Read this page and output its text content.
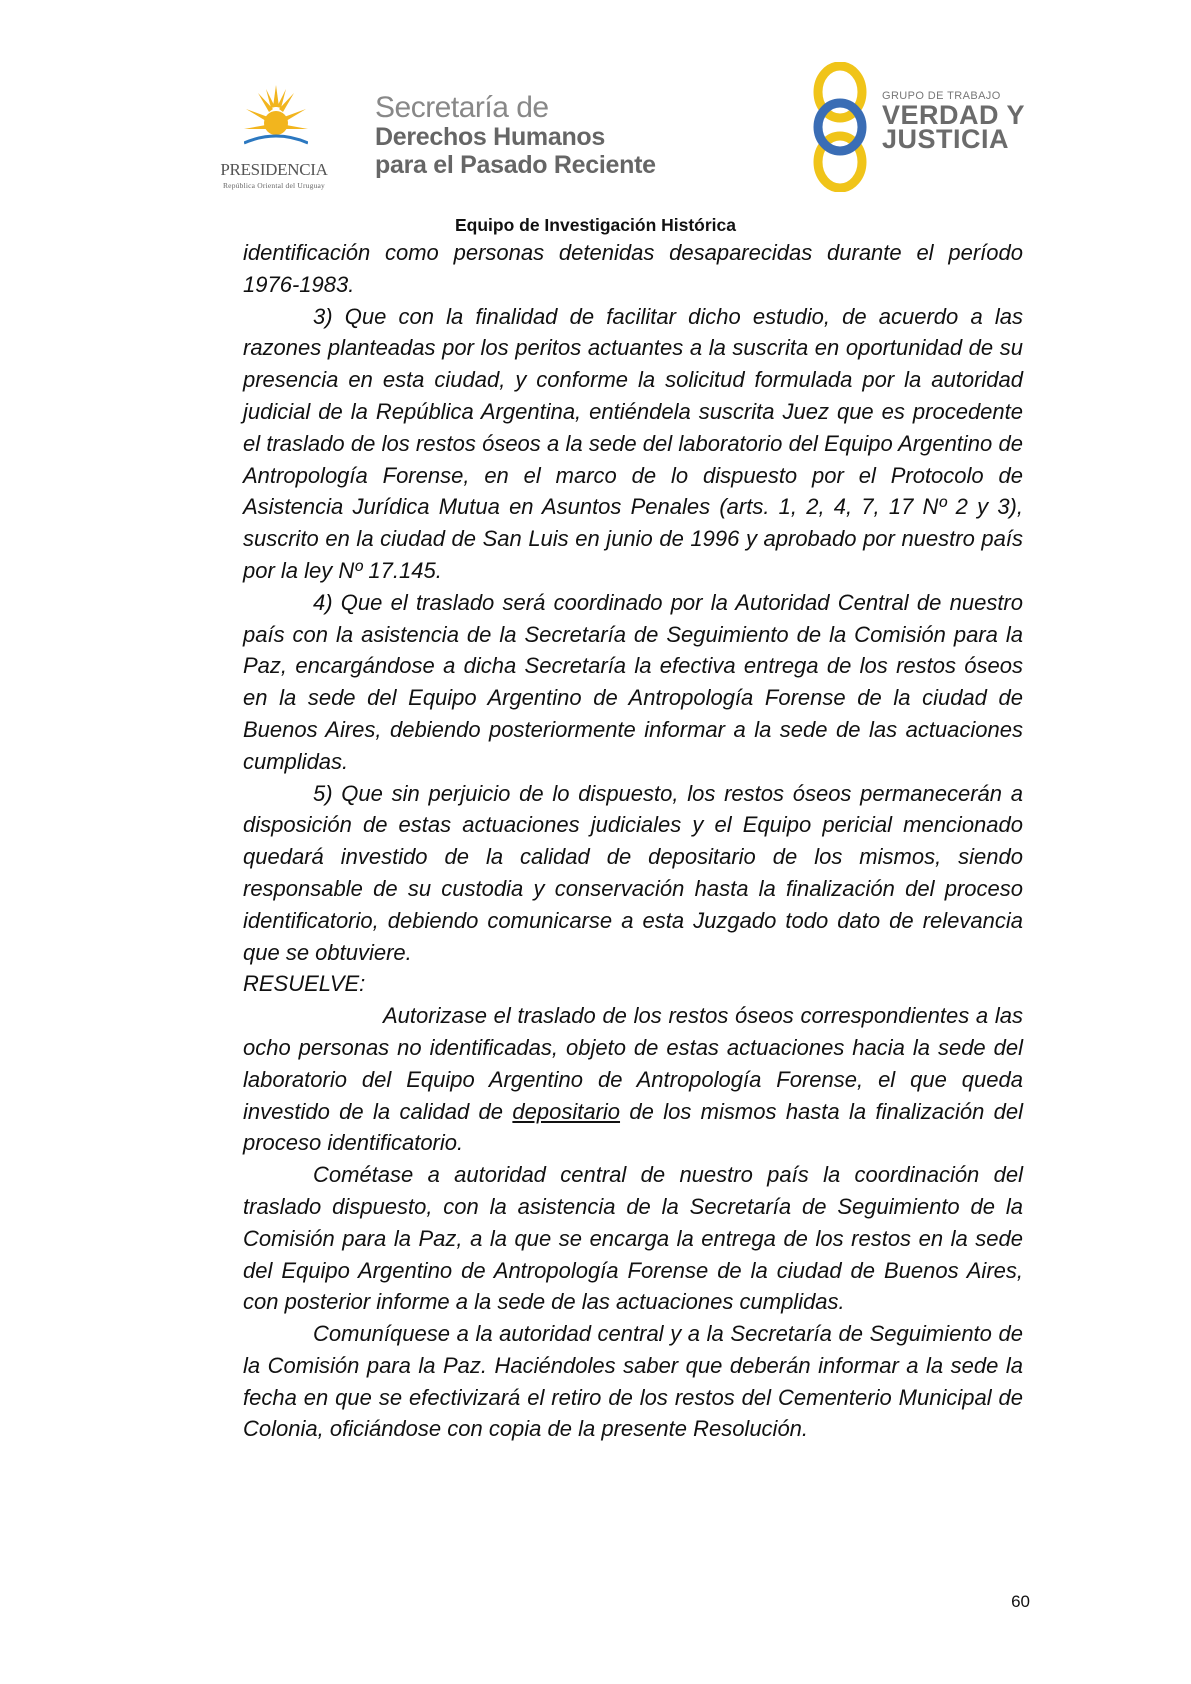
PRESIDENCIA
República Oriental del Uruguay
Secretaría de
Derechos Humanos
para el Pasado Reciente
GRUPO DE TRABAJO
VERDAD Y
JUSTICIA
Equipo de Investigación Histórica

identificación como personas detenidas desaparecidas durante el período 1976-1983.

3) Que con la finalidad de facilitar dicho estudio, de acuerdo a las razones planteadas por los peritos actuantes a la suscrita en oportunidad de su presencia en esta ciudad, y conforme la solicitud formulada por la autoridad judicial de la República Argentina, entiéndela suscrita Juez que es procedente el traslado de los restos óseos a la sede del laboratorio del Equipo Argentino de Antropología Forense, en el marco de lo dispuesto por el Protocolo de Asistencia Jurídica Mutua en Asuntos Penales (arts. 1, 2, 4, 7, 17 Nº 2 y 3), suscrito en la ciudad de San Luis en junio de 1996 y aprobado por nuestro país por la ley Nº 17.145.

4) Que el traslado será coordinado por la Autoridad Central de nuestro país con la asistencia de la Secretaría de Seguimiento de la Comisión para la Paz, encargándose a dicha Secretaría la efectiva entrega de los restos óseos en la sede del Equipo Argentino de Antropología Forense de la ciudad de Buenos Aires, debiendo posteriormente informar a la sede de las actuaciones cumplidas.

5) Que sin perjuicio de lo dispuesto, los restos óseos permanecerán a disposición de estas actuaciones judiciales y el Equipo pericial mencionado quedará investido de la calidad de depositario de los mismos, siendo responsable de su custodia y conservación hasta la finalización del proceso identificatorio, debiendo comunicarse a esta Juzgado todo dato de relevancia que se obtuviere.

RESUELVE:

Autorizase el traslado de los restos óseos correspondientes a las ocho personas no identificadas, objeto de estas actuaciones hacia la sede del laboratorio del Equipo Argentino de Antropología Forense, el que queda investido de la calidad de depositario de los mismos hasta la finalización del proceso identificatorio.

Cométase a autoridad central de nuestro país la coordinación del traslado dispuesto, con la asistencia de la Secretaría de Seguimiento de la Comisión para la Paz, a la que se encarga la entrega de los restos en la sede del Equipo Argentino de Antropología Forense de la ciudad de Buenos Aires, con posterior informe a la sede de las actuaciones cumplidas.

Comuníquese a la autoridad central y a la Secretaría de Seguimiento de la Comisión para la Paz. Haciéndoles saber que deberán informar a la sede la fecha en que se efectivizará el retiro de los restos del Cementerio Municipal de Colonia, oficiándose con copia de la presente Resolución.

60
